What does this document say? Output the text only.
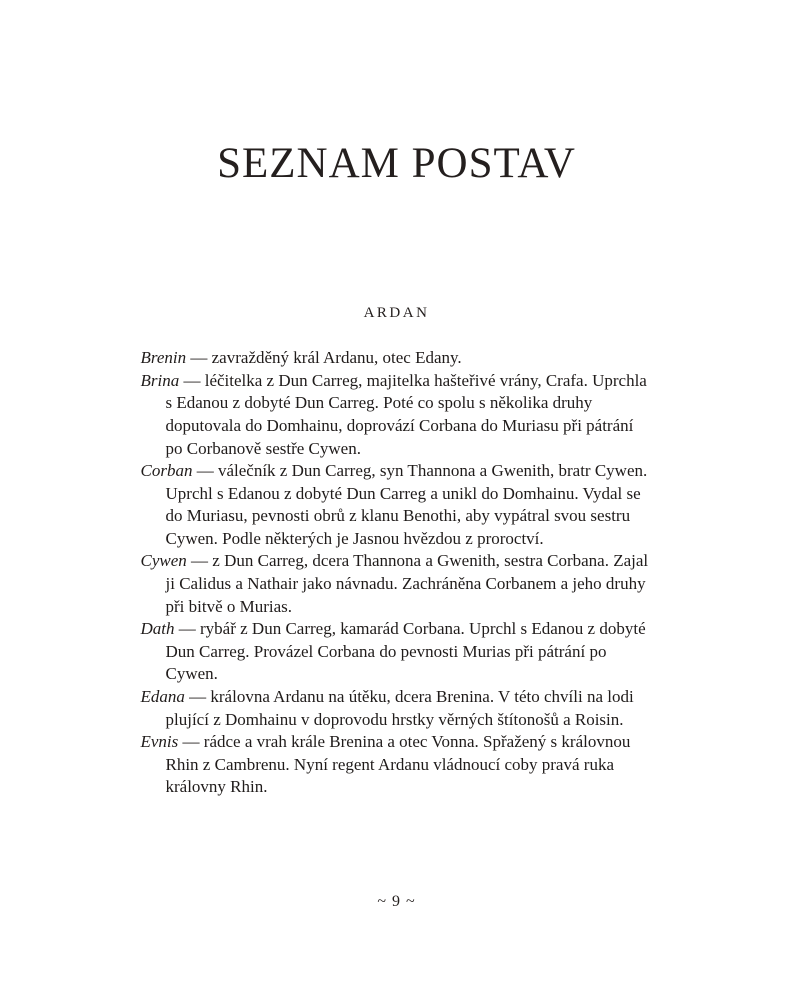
SEZNAM POSTAV
ARDAN

Brenin — zavražděný král Ardanu, otec Edany.

Brina — léčitelka z Dun Carreg, majitelka hašteřivé vrány, Crafa. Uprchla s Edanou z dobyté Dun Carreg. Poté co spolu s několika druhy doputovala do Domhainu, doprovází Corbana do Muriasu při pátrání po Corbanově sestře Cywen.

Corban — válečník z Dun Carreg, syn Thannona a Gwenith, bratr Cywen. Uprchl s Edanou z dobyté Dun Carreg a unikl do Domhainu. Vydal se do Muriasu, pevnosti obrů z klanu Benothi, aby vypátral svou sestru Cywen. Podle některých je Jasnou hvězdou z proroctví.

Cywen — z Dun Carreg, dcera Thannona a Gwenith, sestra Corbana. Zajal ji Calidus a Nathair jako návnadu. Zachráněna Corbanem a jeho druhy při bitvě o Murias.

Dath — rybář z Dun Carreg, kamarád Corbana. Uprchl s Edanou z dobyté Dun Carreg. Provázel Corbana do pevnosti Murias při pátrání po Cywen.

Edana — královna Ardanu na útěku, dcera Brenina. V této chvíli na lodi plující z Domhainu v doprovodu hrstky věrných štítonošů a Roisin.

Evnis — rádce a vrah krále Brenina a otec Vonna. Spřažený s královnou Rhin z Cambrenu. Nyní regent Ardanu vládnoucí coby pravá ruka královny Rhin.

~ 9 ~
